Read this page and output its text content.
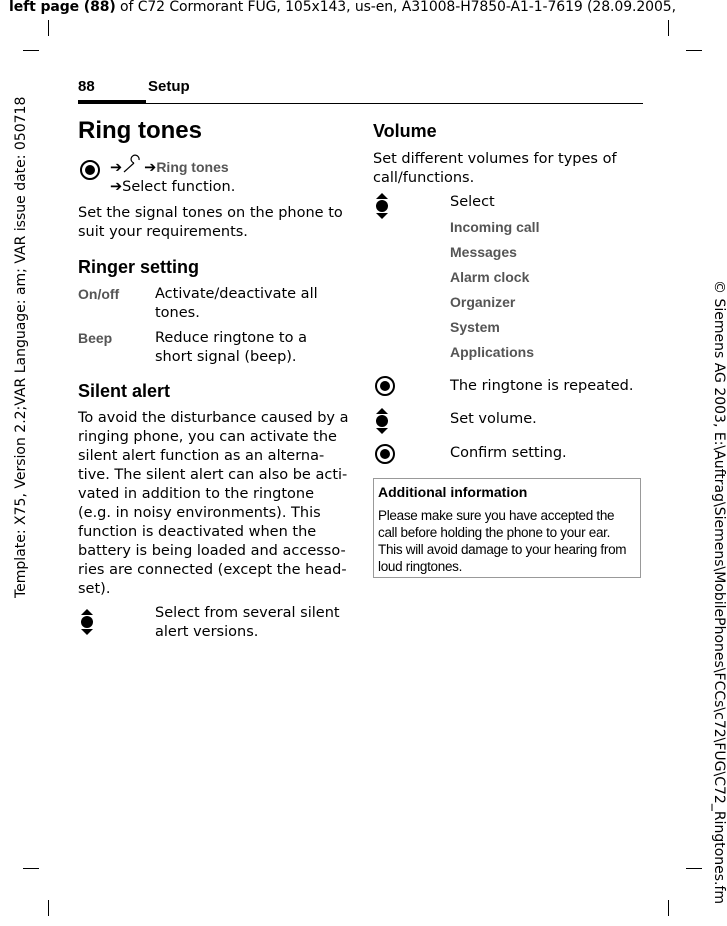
left page (88) of C72 Cormorant FUG, 105x143, us-en, A31008-H7850-A1-1-7619 (28.09.2005,
Template: X75, Version 2.2;VAR Language: am; VAR issue date: 050718	© Siemens AG 2003, E:\Auftrag\Siemens\MobilePhones\FCCs\c72\FUG\C72_Ringtones.fm
88	Setup
Ring tones
➔ ➔Ring tones
➔Select function.
Set the signal tones on the phone to
suit your requirements.
Ringer setting
On/off Activate/deactivate all
tones.
Beep	Reduce ringtone to a
short signal (beep).
Silent alert
To avoid the disturbance caused by a
ringing phone, you can activate the
silent alert function as an alterna-
tive. The silent alert can also be acti-
vated in addition to the ringtone
(e.g. in noisy environments). This
function is deactivated when the
battery is being loaded and accesso-
ries are connected (except the head-
set).
Select from several silent
alert versions.
Volume
Set different volumes for types of
call/functions.
Select
Incoming call
Messages
Alarm clock
Organizer
System
Applications
The ringtone is repeated.
Set volume.
Confirm setting.
Additional information
Please make sure you have accepted the
call before holding the phone to your ear.
This will avoid damage to your hearing from
loud ringtones.
